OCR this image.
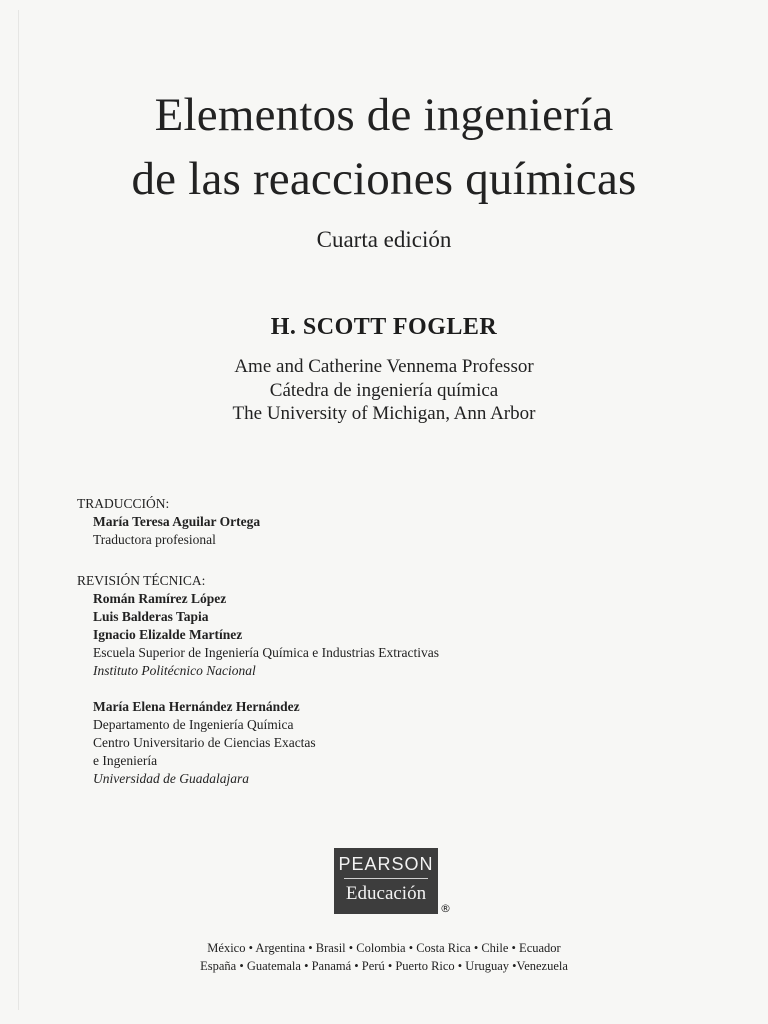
Elementos de ingeniería
de las reacciones químicas
Cuarta edición
H. SCOTT FOGLER
Ame and Catherine Vennema Professor
Cátedra de ingeniería química
The University of Michigan, Ann Arbor
TRADUCCIÓN:
María Teresa Aguilar Ortega
Traductora profesional
REVISIÓN TÉCNICA:
Román Ramírez López
Luis Balderas Tapia
Ignacio Elizalde Martínez
Escuela Superior de Ingeniería Química e Industrias Extractivas
Instituto Politécnico Nacional
María Elena Hernández Hernández
Departamento de Ingeniería Química
Centro Universitario de Ciencias Exactas
e Ingeniería
Universidad de Guadalajara
PEARSON
Educación
®
México • Argentina • Brasil • Colombia • Costa Rica • Chile • Ecuador
España • Guatemala • Panamá • Perú • Puerto Rico • Uruguay •Venezuela
